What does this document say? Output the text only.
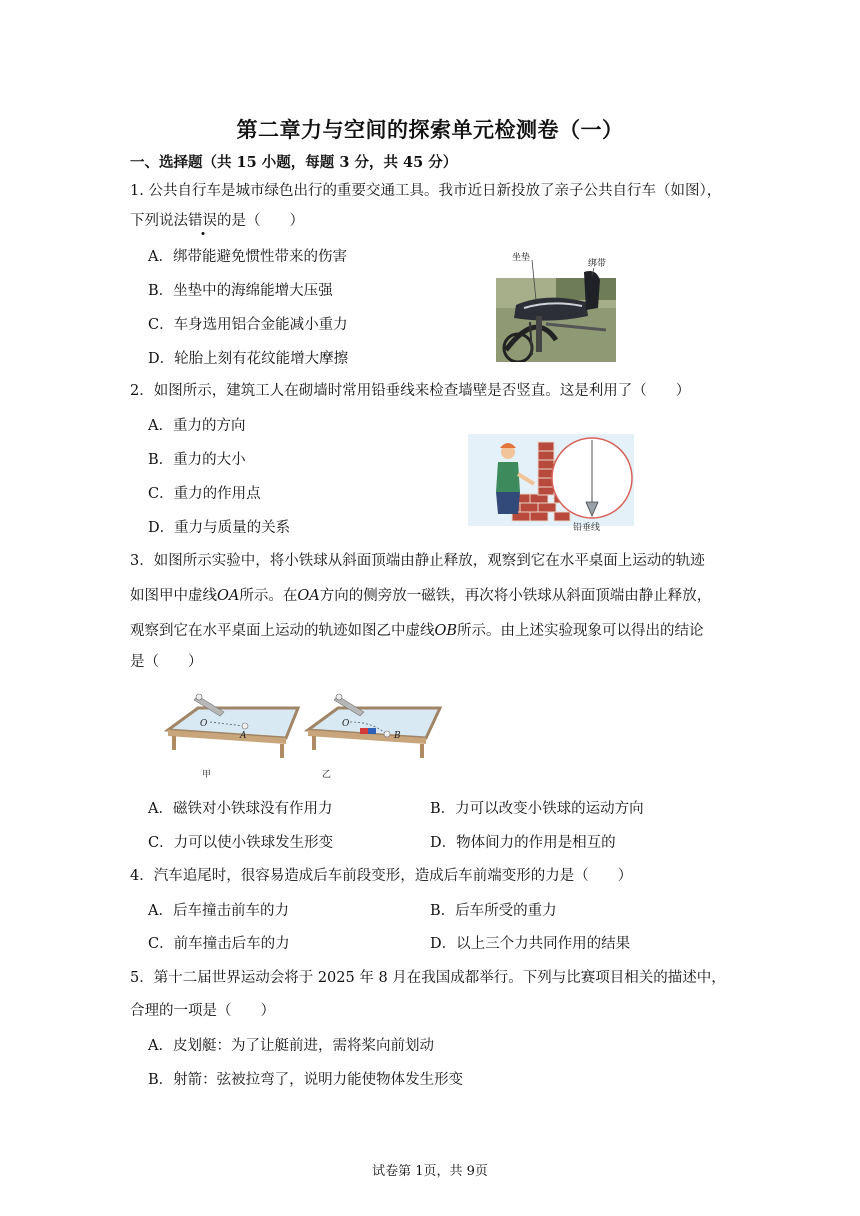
第二章力与空间的探索单元检测卷（一）
一、选择题（共 15 小题，每题 3 分，共 45 分）
1. 公共自行车是城市绿色出行的重要交通工具。我市近日新投放了亲子公共自行车（如图），
下列说法错误的是（　　）
A．绑带能避免惯性带来的伤害
B．坐垫中的海绵能增大压强
C．车身选用铝合金能减小重力
D．轮胎上刻有花纹能增大摩擦
坐垫
绑带
2．如图所示，建筑工人在砌墙时常用铅垂线来检查墙壁是否竖直。这是利用了（　　）
A．重力的方向
B．重力的大小
C．重力的作用点
D．重力与质量的关系	铅垂线
3．如图所示实验中，将小铁球从斜面顶端由静止释放，观察到它在水平桌面上运动的轨迹
如图甲中虚线OA所示。在OA方向的侧旁放一磁铁，再次将小铁球从斜面顶端由静止释放，
观察到它在水平桌面上运动的轨迹如图乙中虚线OB所示。由上述实验现象可以得出的结论
是（　　）
O
A
甲
O
B
乙
A．磁铁对小铁球没有作用力	B．力可以改变小铁球的运动方向
C．力可以使小铁球发生形变	D．物体间力的作用是相互的
4．汽车追尾时，很容易造成后车前段变形，造成后车前端变形的力是（　　）
A．后车撞击前车的力	B．后车所受的重力
C．前车撞击后车的力	D．以上三个力共同作用的结果
5．第十二届世界运动会将于 2025 年 8 月在我国成都举行。下列与比赛项目相关的描述中，
合理的一项是（　　）
A．皮划艇：为了让艇前进，需将桨向前划动
B．射箭：弦被拉弯了，说明力能使物体发生形变
试卷第 1页，共 9页
